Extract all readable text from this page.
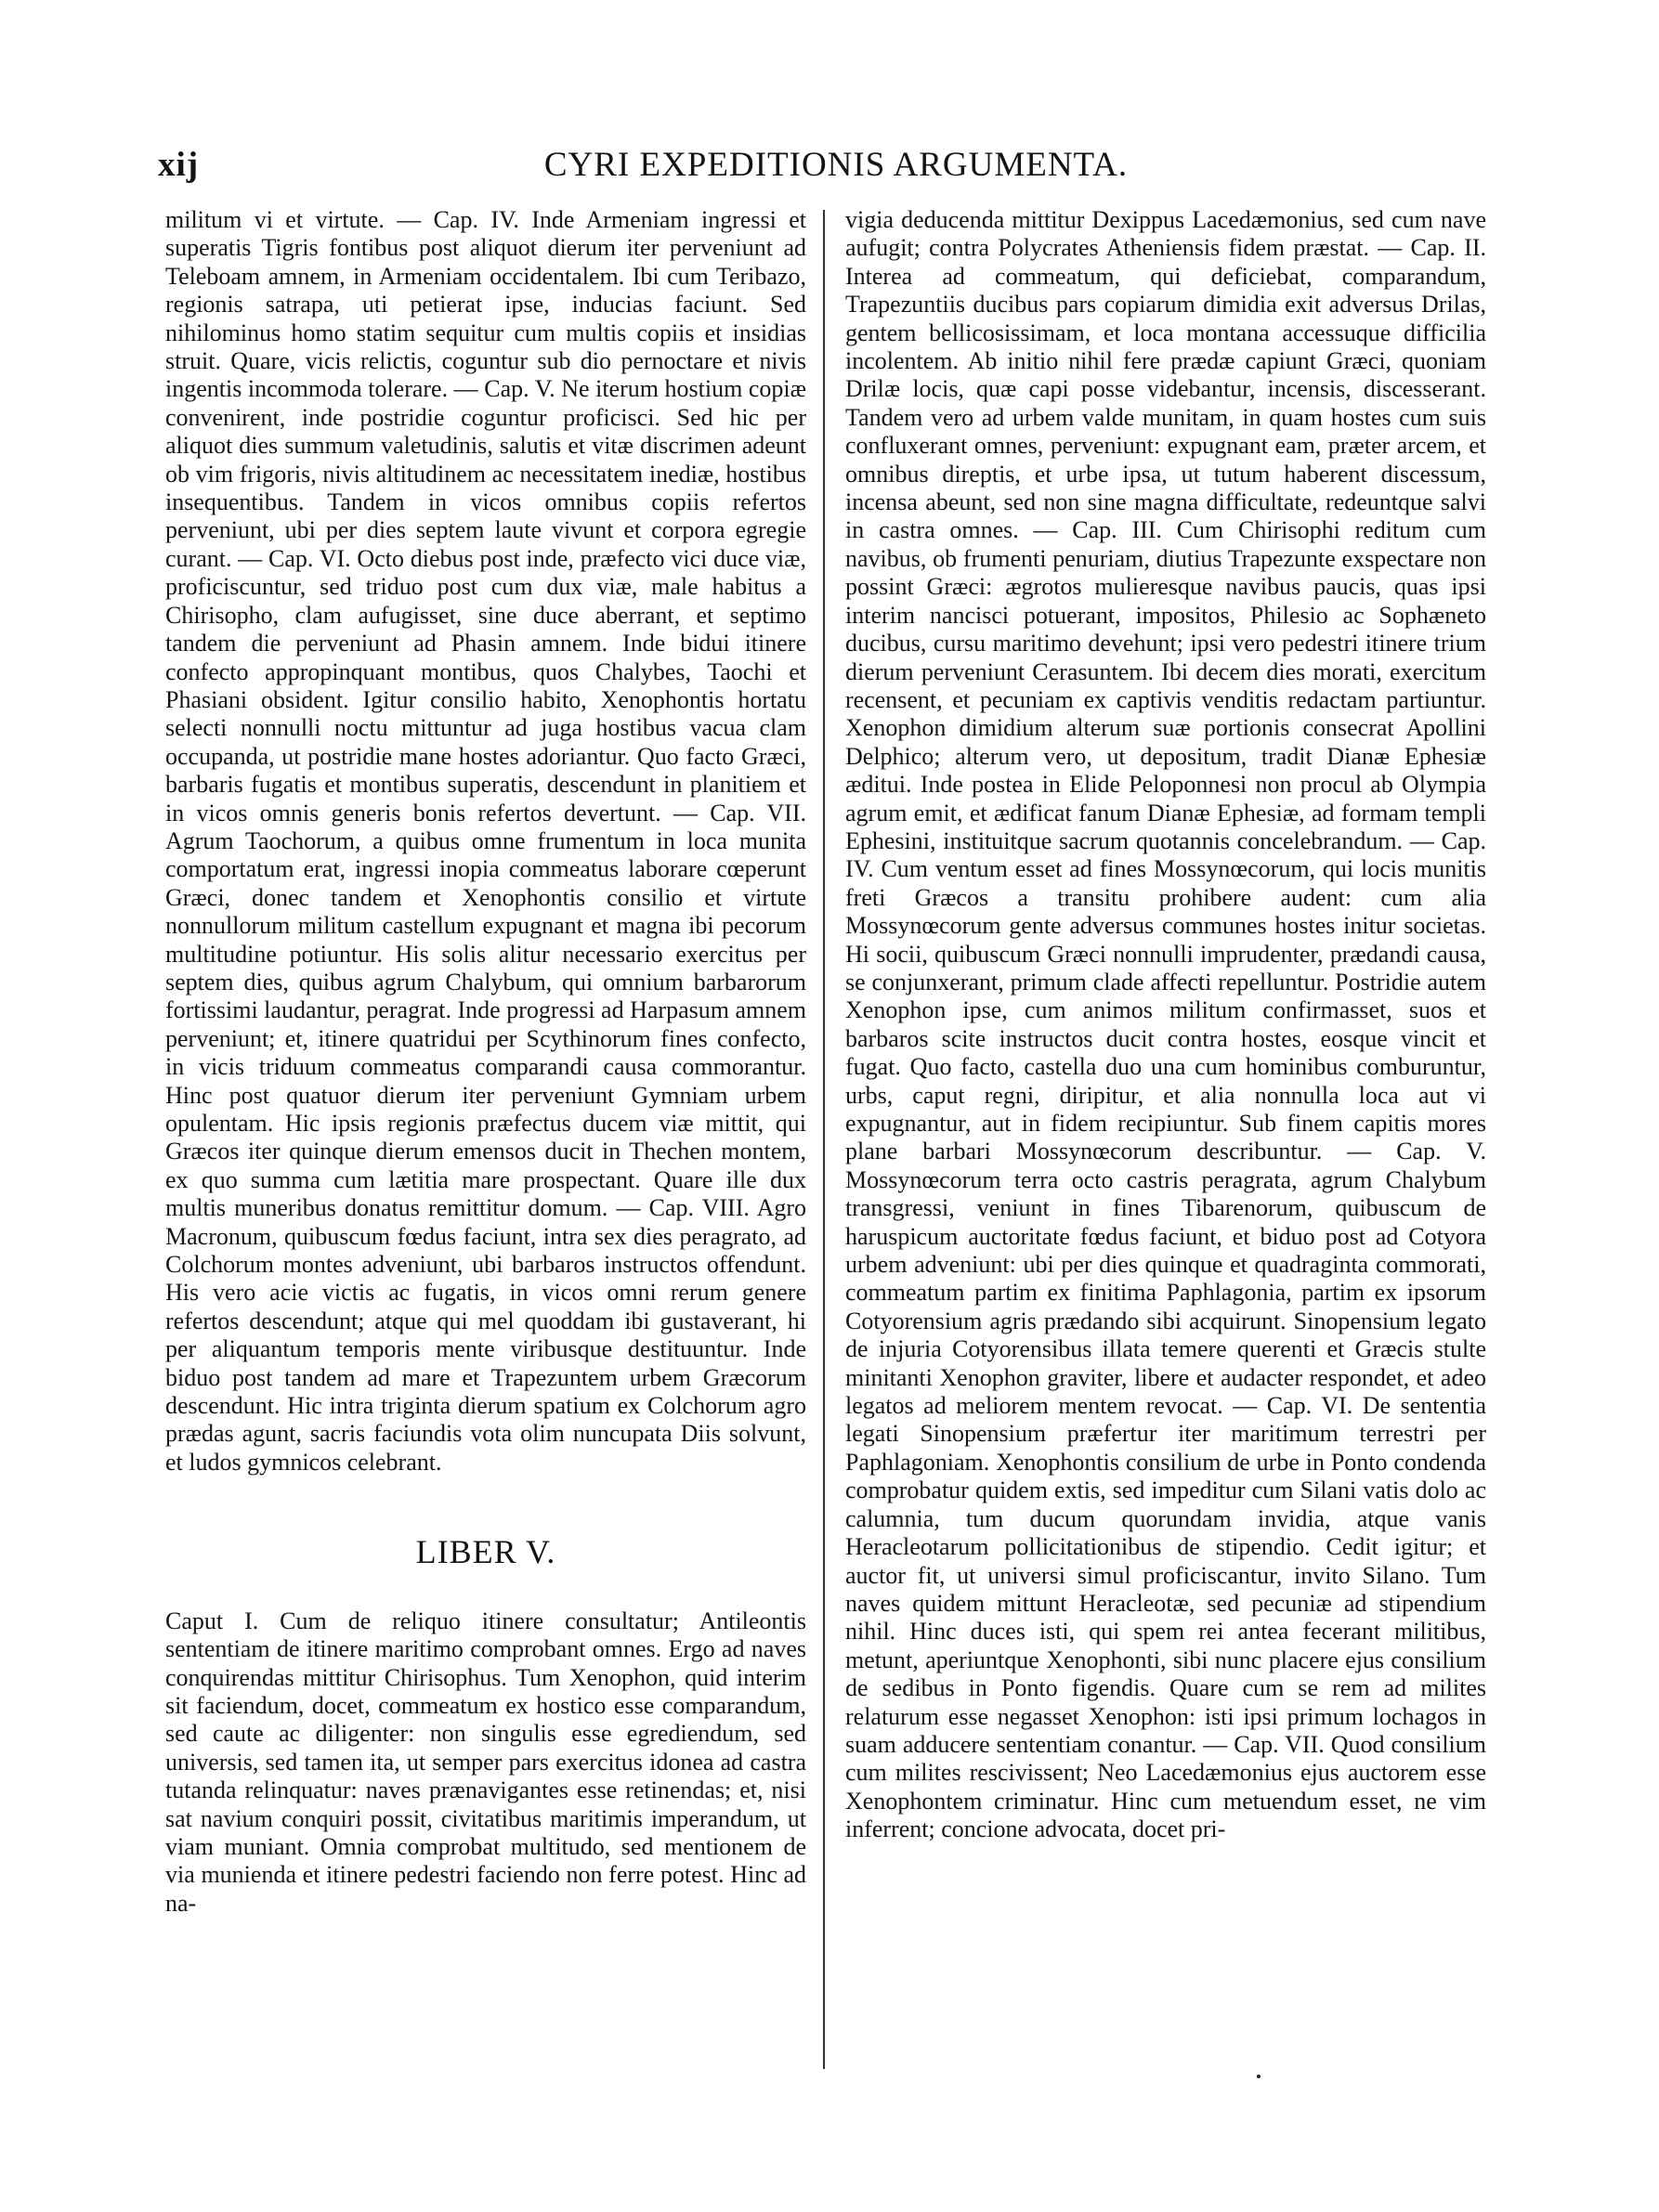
xij	CYRI EXPEDITIONIS ARGUMENTA.

militum vi et virtute. — Cap. IV. Inde Armeniam ingressi et superatis Tigris fontibus post aliquot dierum iter perveniunt ad Teleboam amnem, in Armeniam occidentalem. Ibi cum Teribazo, regionis satrapa, uti petierat ipse, inducias faciunt. Sed nihilominus homo statim sequitur cum multis copiis et insidias struit. Quare, vicis relictis, coguntur sub dio pernoctare et nivis ingentis incommoda tolerare. — Cap. V. Ne iterum hostium copiæ convenirent, inde postridie coguntur proficisci. Sed hic per aliquot dies summum valetudinis, salutis et vitæ discrimen adeunt ob vim frigoris, nivis altitudinem ac necessitatem inediæ, hostibus insequentibus. Tandem in vicos omnibus copiis refertos perveniunt, ubi per dies septem laute vivunt et corpora egregie curant. — Cap. VI. Octo diebus post inde, præfecto vici duce viæ, proficiscuntur, sed triduo post cum dux viæ, male habitus a Chirisopho, clam aufugisset, sine duce aberrant, et septimo tandem die perveniunt ad Phasin amnem. Inde bidui itinere confecto appropinquant montibus, quos Chalybes, Taochi et Phasiani obsident. Igitur consilio habito, Xenophontis hortatu selecti nonnulli noctu mittuntur ad juga hostibus vacua clam occupanda, ut postridie mane hostes adoriantur. Quo facto Græci, barbaris fugatis et montibus superatis, descendunt in planitiem et in vicos omnis generis bonis refertos devertunt. — Cap. VII. Agrum Taochorum, a quibus omne frumentum in loca munita comportatum erat, ingressi inopia commeatus laborare cœperunt Græci, donec tandem et Xenophontis consilio et virtute nonnullorum militum castellum expugnant et magna ibi pecorum multitudine potiuntur. His solis alitur necessario exercitus per septem dies, quibus agrum Chalybum, qui omnium barbarorum fortissimi laudantur, peragrat. Inde progressi ad Harpasum amnem perveniunt; et, itinere quatridui per Scythinorum fines confecto, in vicis triduum commeatus comparandi causa commorantur. Hinc post quatuor dierum iter perveniunt Gymniam urbem opulentam. Hic ipsis regionis præfectus ducem viæ mittit, qui Græcos iter quinque dierum emensos ducit in Thechen montem, ex quo summa cum lætitia mare prospectant. Quare ille dux multis muneribus donatus remittitur domum. — Cap. VIII. Agro Macronum, quibuscum fœdus faciunt, intra sex dies peragrato, ad Colchorum montes adveniunt, ubi barbaros instructos offendunt. His vero acie victis ac fugatis, in vicos omni rerum genere refertos descendunt; atque qui mel quoddam ibi gustaverant, hi per aliquantum temporis mente viribusque destituuntur. Inde biduo post tandem ad mare et Trapezuntem urbem Græcorum descendunt. Hic intra triginta dierum spatium ex Colchorum agro prædas agunt, sacris faciundis vota olim nuncupata Diis solvunt, et ludos gymnicos celebrant.

LIBER V.

Caput I. Cum de reliquo itinere consultatur; Antileontis sententiam de itinere maritimo comprobant omnes. Ergo ad naves conquirendas mittitur Chirisophus. Tum Xenophon, quid interim sit faciendum, docet, commeatum ex hostico esse comparandum, sed caute ac diligenter: non singulis esse egrediendum, sed universis, sed tamen ita, ut semper pars exercitus idonea ad castra tutanda relinquatur: naves prænavigantes esse retinendas; et, nisi sat navium conquiri possit, civitatibus maritimis imperandum, ut viam muniant. Omnia comprobat multitudo, sed mentionem de via munienda et itinere pedestri faciendo non ferre potest. Hinc ad na-

vigia deducenda mittitur Dexippus Lacedæmonius, sed cum nave aufugit; contra Polycrates Atheniensis fidem præstat. — Cap. II. Interea ad commeatum, qui deficiebat, comparandum, Trapezuntiis ducibus pars copiarum dimidia exit adversus Drilas, gentem bellicosissimam, et loca montana accessuque difficilia incolentem. Ab initio nihil fere prædæ capiunt Græci, quoniam Drilæ locis, quæ capi posse videbantur, incensis, discesserant. Tandem vero ad urbem valde munitam, in quam hostes cum suis confluxerant omnes, perveniunt: expugnant eam, præter arcem, et omnibus direptis, et urbe ipsa, ut tutum haberent discessum, incensa abeunt, sed non sine magna difficultate, redeuntque salvi in castra omnes. — Cap. III. Cum Chirisophi reditum cum navibus, ob frumenti penuriam, diutius Trapezunte exspectare non possint Græci: ægrotos mulieresque navibus paucis, quas ipsi interim nancisci potuerant, impositos, Philesio ac Sophæneto ducibus, cursu maritimo devehunt; ipsi vero pedestri itinere trium dierum perveniunt Cerasuntem. Ibi decem dies morati, exercitum recensent, et pecuniam ex captivis venditis redactam partiuntur. Xenophon dimidium alterum suæ portionis consecrat Apollini Delphico; alterum vero, ut depositum, tradit Dianæ Ephesiæ æditui. Inde postea in Elide Peloponnesi non procul ab Olympia agrum emit, et ædificat fanum Dianæ Ephesiæ, ad formam templi Ephesini, instituitque sacrum quotannis concelebrandum. — Cap. IV. Cum ventum esset ad fines Mossynœcorum, qui locis munitis freti Græcos a transitu prohibere audent: cum alia Mossynœcorum gente adversus communes hostes initur societas. Hi socii, quibuscum Græci nonnulli imprudenter, prædandi causa, se conjunxerant, primum clade affecti repelluntur. Postridie autem Xenophon ipse, cum animos militum confirmasset, suos et barbaros scite instructos ducit contra hostes, eosque vincit et fugat. Quo facto, castella duo una cum hominibus comburuntur, urbs, caput regni, diripitur, et alia nonnulla loca aut vi expugnantur, aut in fidem recipiuntur. Sub finem capitis mores plane barbari Mossynœcorum describuntur. — Cap. V. Mossynœcorum terra octo castris peragrata, agrum Chalybum transgressi, veniunt in fines Tibarenorum, quibuscum de haruspicum auctoritate fœdus faciunt, et biduo post ad Cotyora urbem adveniunt: ubi per dies quinque et quadraginta commorati, commeatum partim ex finitima Paphlagonia, partim ex ipsorum Cotyorensium agris prædando sibi acquirunt. Sinopensium legato de injuria Cotyorensibus illata temere querenti et Græcis stulte minitanti Xenophon graviter, libere et audacter respondet, et adeo legatos ad meliorem mentem revocat. — Cap. VI. De sententia legati Sinopensium præfertur iter maritimum terrestri per Paphlagoniam. Xenophontis consilium de urbe in Ponto condenda comprobatur quidem extis, sed impeditur cum Silani vatis dolo ac calumnia, tum ducum quorundam invidia, atque vanis Heracleotarum pollicitationibus de stipendio. Cedit igitur; et auctor fit, ut universi simul proficiscantur, invito Silano. Tum naves quidem mittunt Heracleotæ, sed pecuniæ ad stipendium nihil. Hinc duces isti, qui spem rei antea fecerant militibus, metunt, aperiuntque Xenophonti, sibi nunc placere ejus consilium de sedibus in Ponto figendis. Quare cum se rem ad milites relaturum esse negasset Xenophon: isti ipsi primum lochagos in suam adducere sententiam conantur. — Cap. VII. Quod consilium cum milites rescivissent; Neo Lacedæmonius ejus auctorem esse Xenophontem criminatur. Hinc cum metuendum esset, ne vim inferrent; concione advocata, docet pri-
